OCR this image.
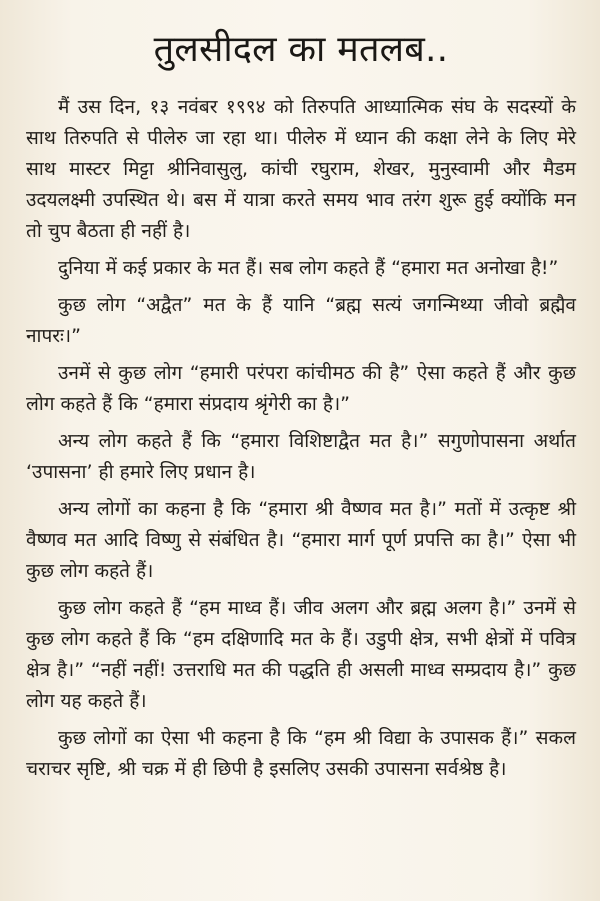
तुलसीदल का मतलब..

मैं उस दिन, १३ नवंबर १९९४ को तिरुपति आध्यात्मिक संघ के सदस्यों के साथ तिरुपति से पीलेरु जा रहा था। पीलेरु में ध्यान की कक्षा लेने के लिए मेरे साथ मास्टर मिट्टा श्रीनिवासुलु, कांची रघुराम, शेखर, मुनुस्वामी और मैडम उदयलक्ष्मी उपस्थित थे। बस में यात्रा करते समय भाव तरंग शुरू हुई क्योंकि मन तो चुप बैठता ही नहीं है।

दुनिया में कई प्रकार के मत हैं। सब लोग कहते हैं “हमारा मत अनोखा है!”

कुछ लोग “अद्वैत” मत के हैं यानि “ब्रह्म सत्यं जगन्मिथ्या जीवो ब्रह्मैव नापरः।”

उनमें से कुछ लोग “हमारी परंपरा कांचीमठ की है” ऐसा कहते हैं और कुछ लोग कहते हैं कि “हमारा संप्रदाय श्रृंगेरी का है।”

अन्य लोग कहते हैं कि “हमारा विशिष्टाद्वैत मत है।” सगुणोपासना अर्थात ‘उपासना’ ही हमारे लिए प्रधान है।

अन्य लोगों का कहना है कि “हमारा श्री वैष्णव मत है।” मतों में उत्कृष्ट श्री वैष्णव मत आदि विष्णु से संबंधित है। “हमारा मार्ग पूर्ण प्रपत्ति का है।” ऐसा भी कुछ लोग कहते हैं।

कुछ लोग कहते हैं “हम माध्व हैं। जीव अलग और ब्रह्म अलग है।” उनमें से कुछ लोग कहते हैं कि “हम दक्षिणादि मत के हैं। उडुपी क्षेत्र, सभी क्षेत्रों में पवित्र क्षेत्र है।” “नहीं नहीं! उत्तराधि मत की पद्धति ही असली माध्व सम्प्रदाय है।” कुछ लोग यह कहते हैं।

कुछ लोगों का ऐसा भी कहना है कि “हम श्री विद्या के उपासक हैं।” सकल चराचर सृष्टि, श्री चक्र में ही छिपी है इसलिए उसकी उपासना सर्वश्रेष्ठ है।
